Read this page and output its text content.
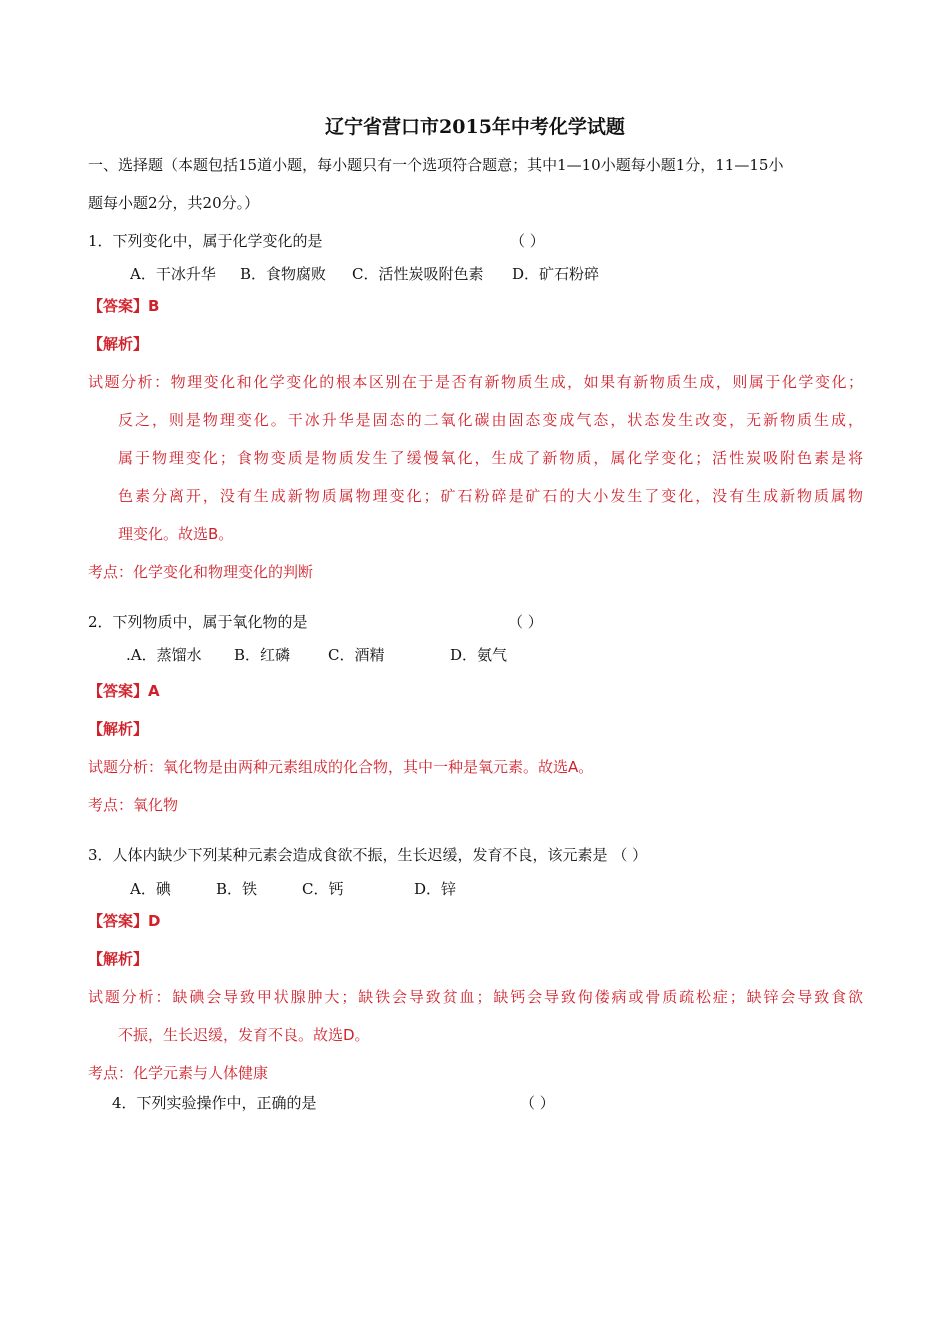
辽宁省营口市2015年中考化学试题
一、选择题（本题包括15道小题，每小题只有一个选项符合题意；其中1—10小题每小题1分，11—15小
题每小题2分，共20分。）
1．下列变化中，属于化学变化的是	（ ）
A．干冰升华 B．食物腐败 C．活性炭吸附色素 D．矿石粉碎
【答案】B
【解析】
试题分析：物理变化和化学变化的根本区别在于是否有新物质生成，如果有新物质生成，则属于化学变化；
反之，则是物理变化。干冰升华是固态的二氧化碳由固态变成气态，状态发生改变，无新物质生成，
属于物理变化；食物变质是物质发生了缓慢氧化，生成了新物质，属化学变化；活性炭吸附色素是将
色素分离开，没有生成新物质属物理变化；矿石粉碎是矿石的大小发生了变化，没有生成新物质属物
理变化。故选B。
考点：化学变化和物理变化的判断
2．下列物质中，属于氧化物的是	（ ）
.A．蒸馏水 B．红磷	C．酒精	D．氨气
【答案】A
【解析】
试题分析：氧化物是由两种元素组成的化合物，其中一种是氧元素。故选A。
考点：氧化物
3．人体内缺少下列某种元素会造成食欲不振，生长迟缓，发育不良，该元素是 （ ）
A．碘	B．铁	C．钙	D．锌
【答案】D
【解析】
试题分析：缺碘会导致甲状腺肿大；缺铁会导致贫血；缺钙会导致佝偻病或骨质疏松症；缺锌会导致食欲
不振，生长迟缓，发育不良。故选D。
考点：化学元素与人体健康
4．下列实验操作中，正确的是	（ ）
